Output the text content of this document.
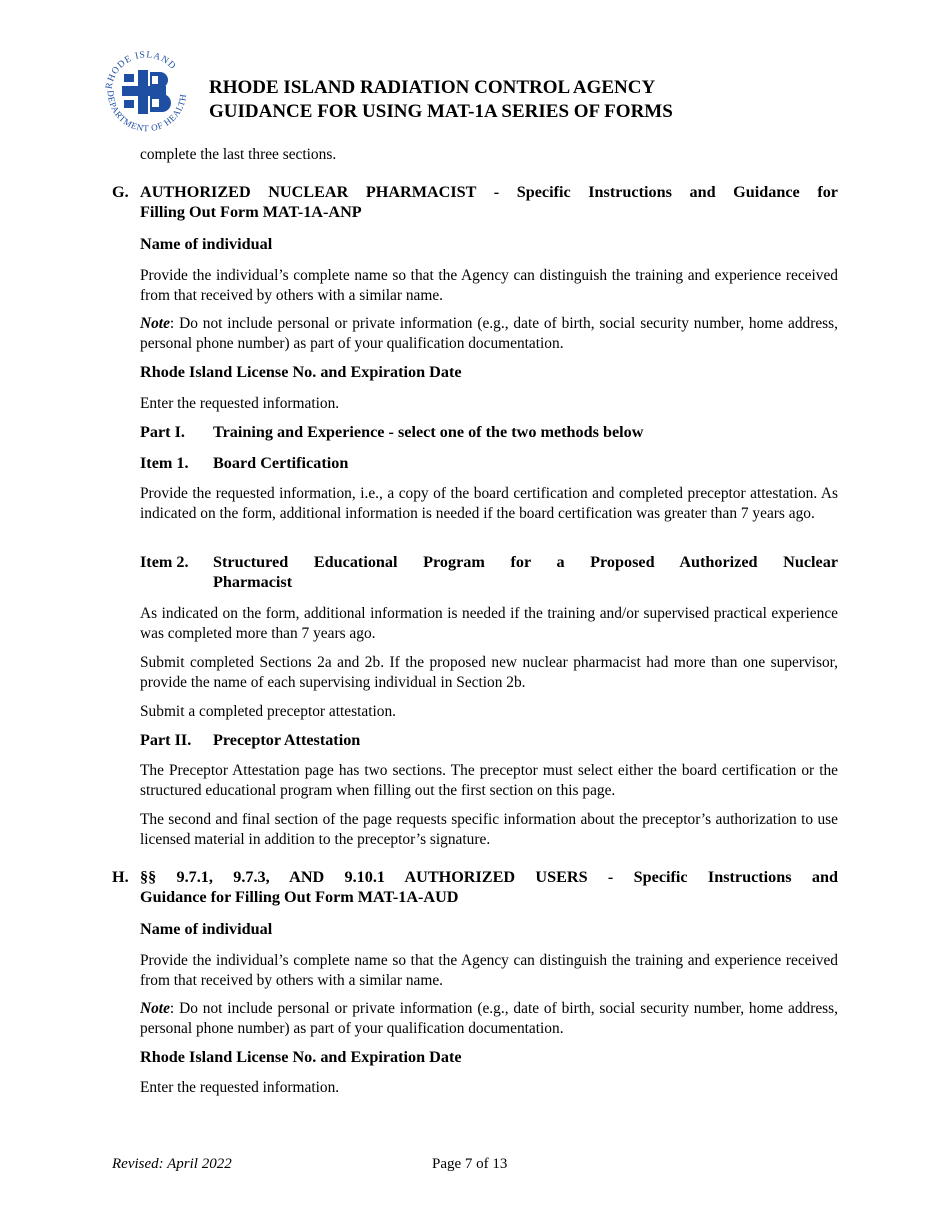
RHODE ISLAND
DEPARTMENT OF HEALTH RHODE ISLAND RADIATION CONTROL AGENCY
GUIDANCE FOR USING MAT-1A SERIES OF FORMS
complete the last three sections.
G. AUTHORIZED NUCLEAR PHARMACIST - Specific Instructions and Guidance for
Filling Out Form MAT-1A-ANP
Name of individual
Provide the individual’s complete name so that the Agency can distinguish the training and experience received from that received by others with a similar name.
Note: Do not include personal or private information (e.g., date of birth, social security number, home address, personal phone number) as part of your qualification documentation.
Rhode Island License No. and Expiration Date
Enter the requested information.
Part I. Training and Experience - select one of the two methods below
Item 1. Board Certification
Provide the requested information, i.e., a copy of the board certification and completed preceptor attestation. As indicated on the form, additional information is needed if the board certification was greater than 7 years ago.
Item 2. Structured Educational Program for a Proposed Authorized Nuclear
Pharmacist
As indicated on the form, additional information is needed if the training and/or supervised practical experience was completed more than 7 years ago.
Submit completed Sections 2a and 2b. If the proposed new nuclear pharmacist had more than one supervisor, provide the name of each supervising individual in Section 2b.
Submit a completed preceptor attestation.
Part II. Preceptor Attestation
The Preceptor Attestation page has two sections. The preceptor must select either the board certification or the structured educational program when filling out the first section on this page.
The second and final section of the page requests specific information about the preceptor’s authorization to use licensed material in addition to the preceptor’s signature.
H. §§ 9.7.1, 9.7.3, AND 9.10.1 AUTHORIZED USERS - Specific Instructions and
Guidance for Filling Out Form MAT-1A-AUD
Name of individual
Provide the individual’s complete name so that the Agency can distinguish the training and experience received from that received by others with a similar name.
Note: Do not include personal or private information (e.g., date of birth, social security number, home address, personal phone number) as part of your qualification documentation.
Rhode Island License No. and Expiration Date
Enter the requested information.
Revised: April 2022	Page 7 of 13
